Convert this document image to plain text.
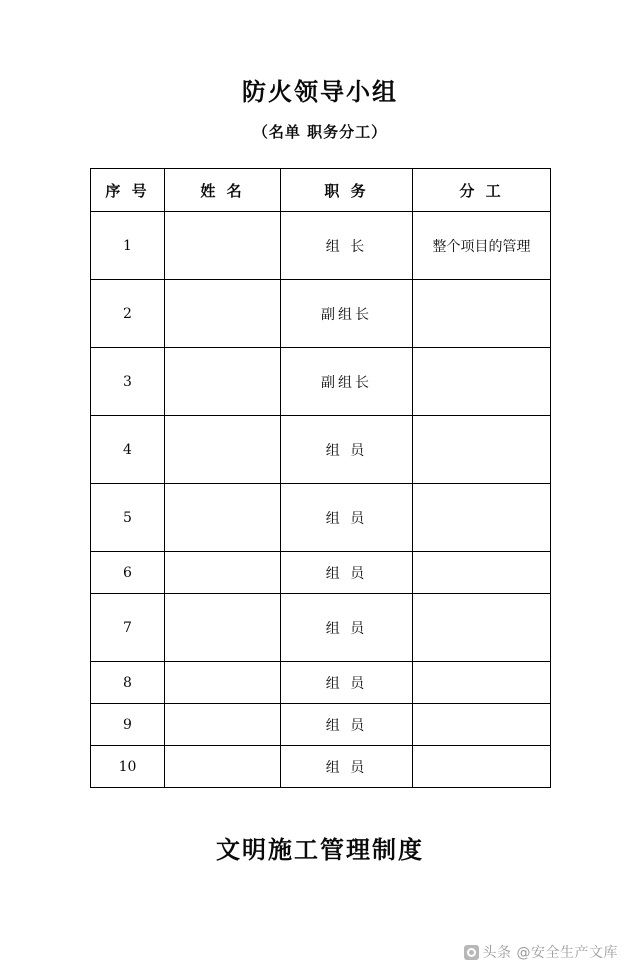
防火领导小组
（名单 职务分工）
序 号	姓 名	职 务	分 工
1		组 长	整个项目的管理
2		副组长	
3		副组长	
4		组 员	
5		组 员	
6		组 员	
7		组 员	
8		组 员	
9		组 员	
10		组 员	
文明施工管理制度
头条 @安全生产文库
